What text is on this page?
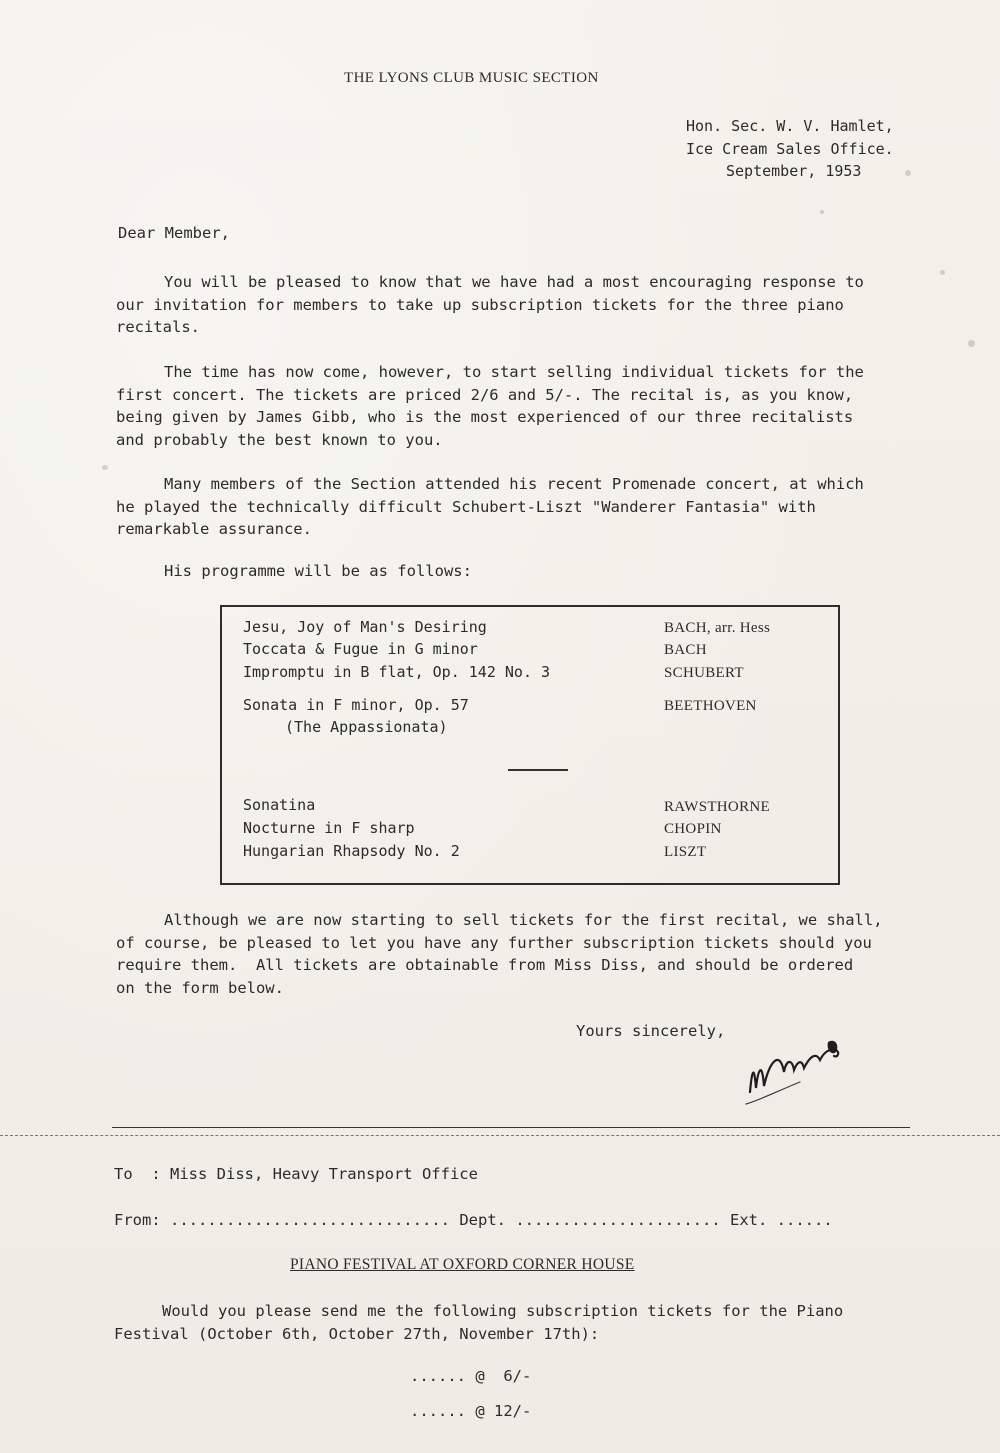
THE LYONS CLUB MUSIC SECTION
Hon. Sec. W. V. Hamlet,
Ice Cream Sales Office.
September, 1953
Dear Member,
You will be pleased to know that we have had a most encouraging response to
our invitation for members to take up subscription tickets for the three piano
recitals.
The time has now come, however, to start selling individual tickets for the
first concert. The tickets are priced 2/6 and 5/-. The recital is, as you know,
being given by James Gibb, who is the most experienced of our three recitalists
and probably the best known to you.
Many members of the Section attended his recent Promenade concert, at which
he played the technically difficult Schubert-Liszt "Wanderer Fantasia" with
remarkable assurance.
His programme will be as follows:
Jesu, Joy of Man's Desiring	BACH, arr. Hess
Toccata & Fugue in G minor	BACH
Impromptu in B flat, Op. 142 No. 3	SCHUBERT
Sonata in F minor, Op. 57	BEETHOVEN
(The Appassionata)
Sonatina	RAWSTHORNE
Nocturne in F sharp	CHOPIN
Hungarian Rhapsody No. 2	LISZT
Although we are now starting to sell tickets for the first recital, we shall,
of course, be pleased to let you have any further subscription tickets should you
require them.  All tickets are obtainable from Miss Diss, and should be ordered
on the form below.
Yours sincerely,
To  : Miss Diss, Heavy Transport Office
From: .............................. Dept. ...................... Ext. ......
PIANO FESTIVAL AT OXFORD CORNER HOUSE
Would you please send me the following subscription tickets for the Piano
Festival (October 6th, October 27th, November 17th):
...... @  6/-
...... @ 12/-
